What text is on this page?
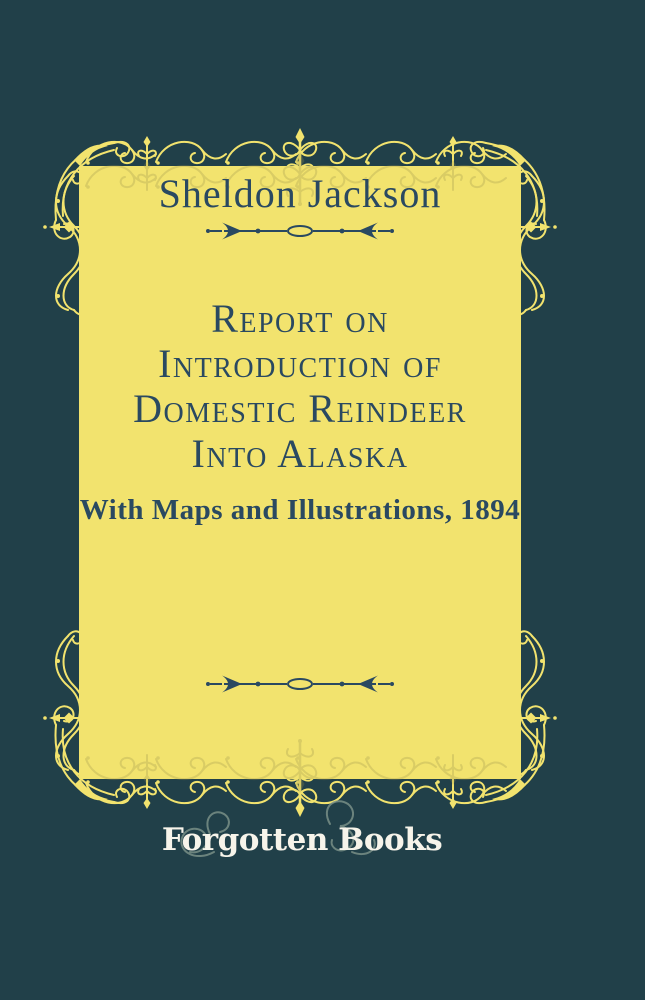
Sheldon Jackson
Report on
Introduction of
Domestic Reindeer
Into Alaska
With Maps and Illustrations, 1894
Forgotten Books
